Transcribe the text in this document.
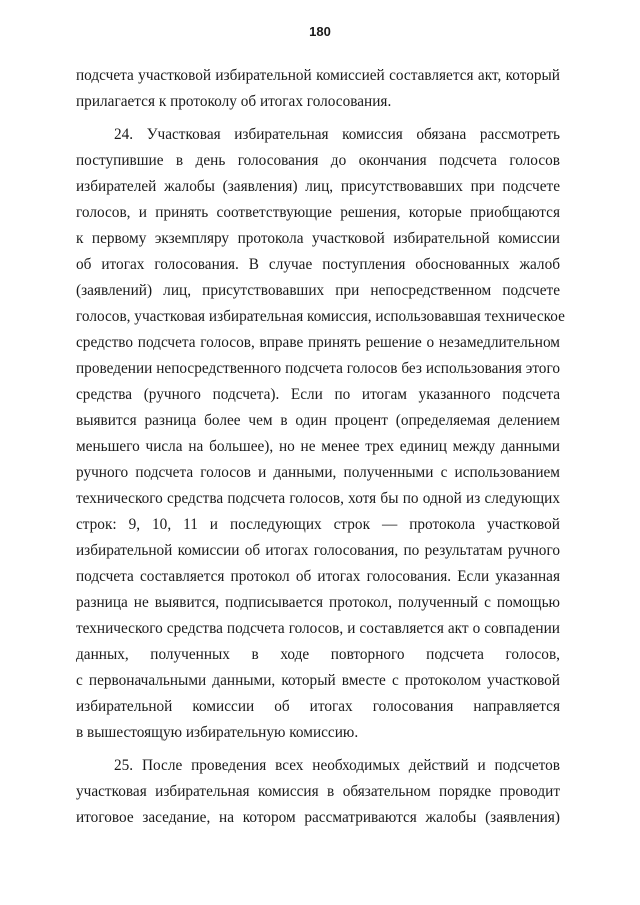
180
подсчета участковой избирательной комиссией составляется акт, который
прилагается к протоколу об итогах голосования.
24. Участковая избирательная комиссия обязана рассмотреть
поступившие в день голосования до окончания подсчета голосов
избирателей жалобы (заявления) лиц, присутствовавших при подсчете
голосов, и принять соответствующие решения, которые приобщаются
к первому экземпляру протокола участковой избирательной комиссии
об итогах голосования. В случае поступления обоснованных жалоб
(заявлений) лиц, присутствовавших при непосредственном подсчете
голосов, участковая избирательная комиссия, использовавшая техническое
средство подсчета голосов, вправе принять решение о незамедлительном
проведении непосредственного подсчета голосов без использования этого
средства (ручного подсчета). Если по итогам указанного подсчета
выявится разница более чем в один процент (определяемая делением
меньшего числа на большее), но не менее трех единиц между данными
ручного подсчета голосов и данными, полученными с использованием
технического средства подсчета голосов, хотя бы по одной из следующих
строк: 9, 10, 11 и последующих строк — протокола участковой
избирательной комиссии об итогах голосования, по результатам ручного
подсчета составляется протокол об итогах голосования. Если указанная
разница не выявится, подписывается протокол, полученный с помощью
технического средства подсчета голосов, и составляется акт о совпадении
данных, полученных в ходе повторного подсчета голосов,
с первоначальными данными, который вместе с протоколом участковой
избирательной комиссии об итогах голосования направляется
в вышестоящую избирательную комиссию.
25. После проведения всех необходимых действий и подсчетов
участковая избирательная комиссия в обязательном порядке проводит
итоговое заседание, на котором рассматриваются жалобы (заявления)
